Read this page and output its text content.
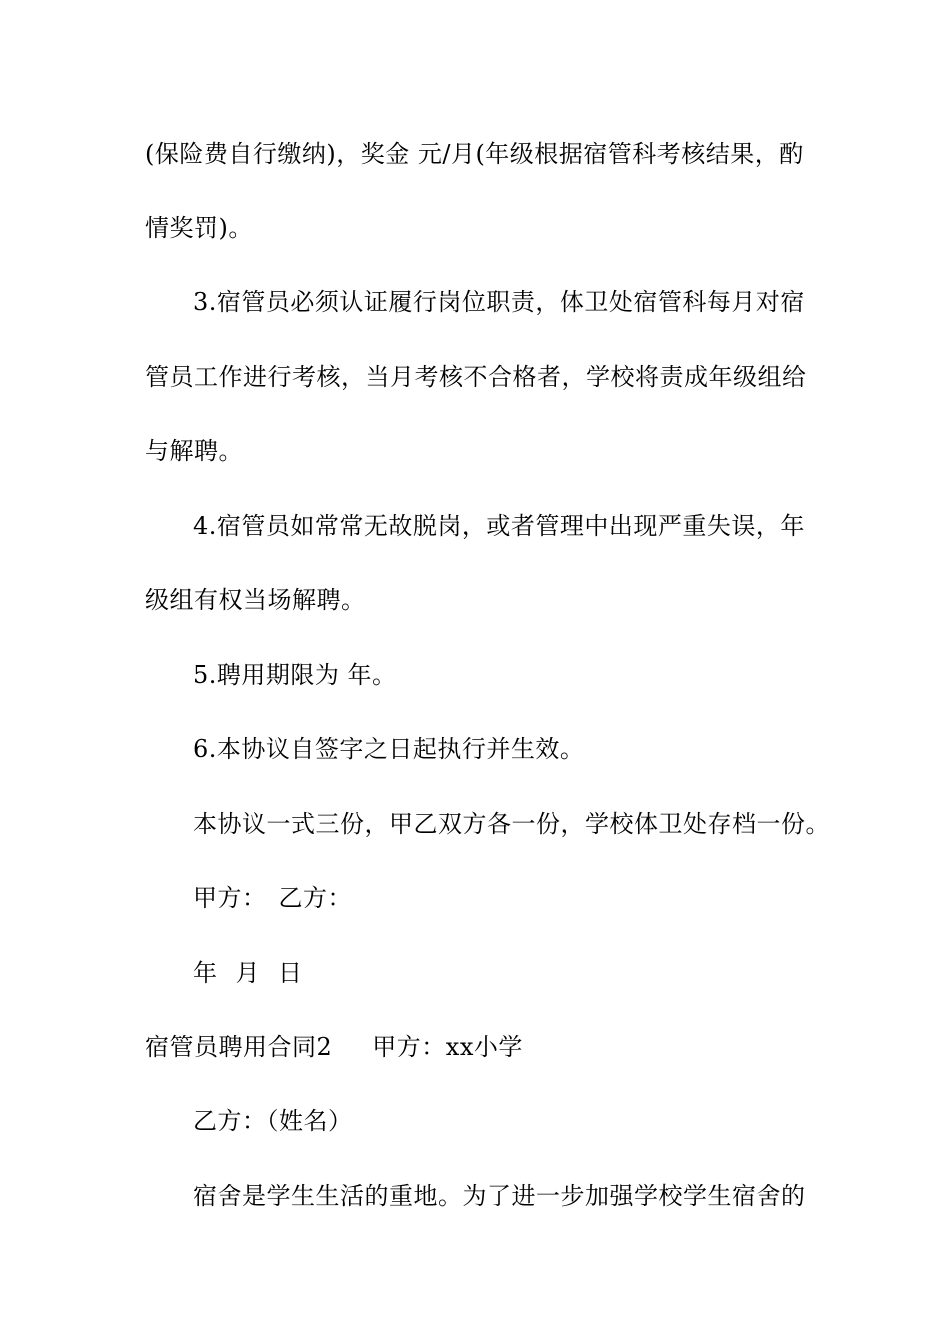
(保险费自行缴纳)，奖金 元/月(年级根据宿管科考核结果，酌
情奖罚)。
3.宿管员必须认证履行岗位职责，体卫处宿管科每月对宿
管员工作进行考核，当月考核不合格者，学校将责成年级组给
与解聘。
4.宿管员如常常无故脱岗，或者管理中出现严重失误，年
级组有权当场解聘。
5.聘用期限为 年。
6.本协议自签字之日起执行并生效。
本协议一式三份，甲乙双方各一份，学校体卫处存档一份。
甲方： 乙方：
年 月 日
宿管员聘用合同2 甲方：xx小学
乙方：（姓名）
宿舍是学生生活的重地。为了进一步加强学校学生宿舍的
